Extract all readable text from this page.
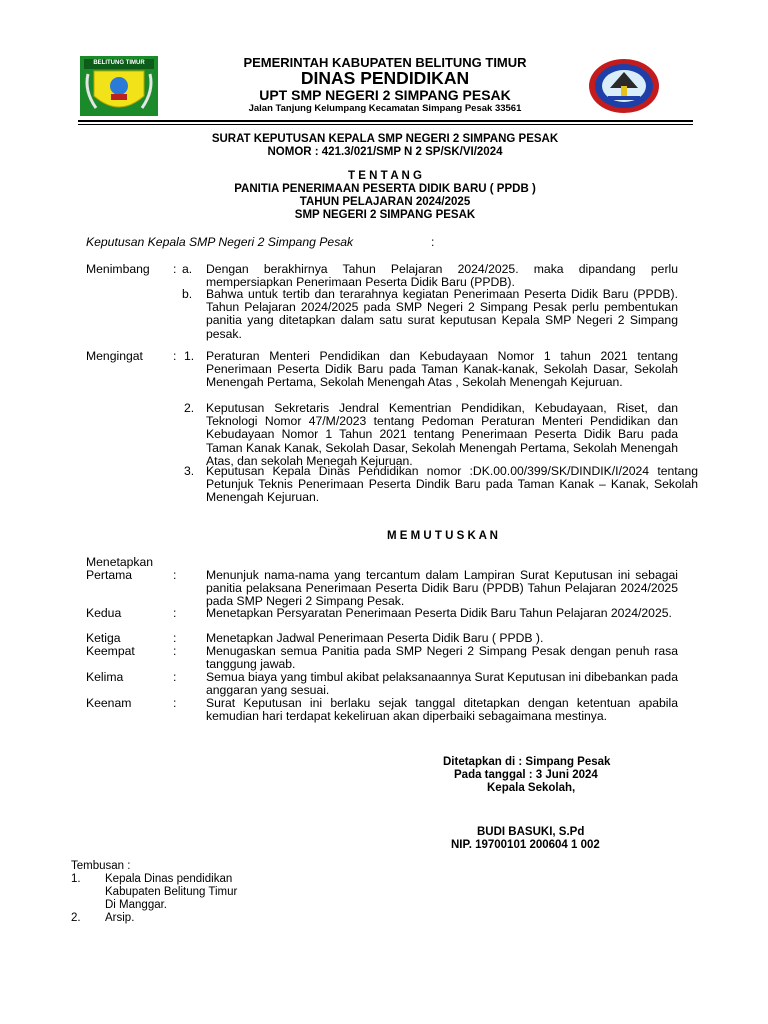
BELITUNG TIMUR	PEMERINTAH KABUPATEN BELITUNG TIMUR
DINAS PENDIDIKAN
UPT SMP NEGERI 2 SIMPANG PESAK
Jalan Tanjung Kelumpang Kecamatan Simpang Pesak 33561
SURAT KEPUTUSAN KEPALA SMP NEGERI 2 SIMPANG PESAK
NOMOR : 421.3/021/SMP N 2 SP/SK/VI/2024
T E N T A N G
PANITIA PENERIMAAN PESERTA DIDIK BARU ( PPDB )
TAHUN PELAJARAN 2024/2025
SMP NEGERI 2 SIMPANG PESAK
Keputusan Kepala SMP Negeri 2 Simpang Pesak	:
Menimbang : a. Dengan berakhirnya Tahun Pelajaran 2024/2025. maka dipandang perlu mempersiapkan Penerimaan Peserta Didik Baru (PPDB).
b. Bahwa untuk tertib dan terarahnya kegiatan Penerimaan Peserta Didik Baru (PPDB). Tahun Pelajaran 2024/2025 pada SMP Negeri 2 Simpang Pesak perlu pembentukan panitia yang ditetapkan dalam satu surat keputusan Kepala SMP Negeri 2 Simpang pesak.
Mengingat : 1. Peraturan Menteri Pendidikan dan Kebudayaan Nomor 1 tahun 2021 tentang Penerimaan Peserta Didik Baru pada Taman Kanak-kanak, Sekolah Dasar, Sekolah Menengah Pertama, Sekolah Menengah Atas , Sekolah Menengah Kejuruan.
2. Keputusan Sekretaris Jendral Kementrian Pendidikan, Kebudayaan, Riset, dan Teknologi Nomor 47/M/2023 tentang Pedoman Peraturan Menteri Pendidikan dan Kebudayaan Nomor 1 Tahun 2021 tentang Penerimaan Peserta Didik Baru pada Taman Kanak Kanak, Sekolah Dasar, Sekolah Menengah Pertama, Sekolah Menengah Atas, dan sekolah Menegah Kejuruan.
3. Keputusan Kepala Dinas Pendidikan nomor :DK.00.00/399/SK/DINDIK/I/2024 tentang Petunjuk Teknis Penerimaan Peserta Dindik Baru pada Taman Kanak – Kanak, Sekolah Menengah Kejuruan.
M E M U T U S K A N
Menetapkan
Pertama	: Menunjuk nama-nama yang tercantum dalam Lampiran Surat Keputusan ini sebagai panitia pelaksana Penerimaan Peserta Didik Baru (PPDB) Tahun Pelajaran 2024/2025 pada SMP Negeri 2 Simpang Pesak.
Kedua	: Menetapkan Persyaratan Penerimaan Peserta Didik Baru Tahun Pelajaran 2024/2025.
Ketiga	: Menetapkan Jadwal Penerimaan Peserta Didik Baru ( PPDB ).
Keempat	: Menugaskan semua Panitia pada SMP Negeri 2 Simpang Pesak dengan penuh rasa tanggung jawab.
Kelima	: Semua biaya yang timbul akibat pelaksanaannya Surat Keputusan ini dibebankan pada anggaran yang sesuai.
Keenam	: Surat Keputusan ini berlaku sejak tanggal ditetapkan dengan ketentuan apabila kemudian hari terdapat kekeliruan akan diperbaiki sebagaimana mestinya.
Ditetapkan di : Simpang Pesak
Pada tanggal : 3 Juni 2024
Kepala Sekolah,
BUDI BASUKI, S.Pd
NIP. 19700101 200604 1 002
Tembusan :
1. Kepala Dinas pendidikan
Kabupaten Belitung Timur
Di Manggar.
2. Arsip.
